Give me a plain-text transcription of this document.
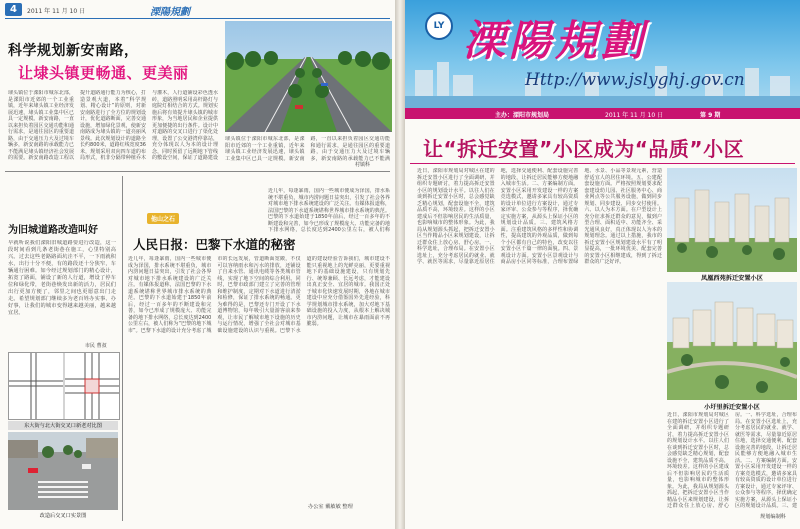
4	2011 年 11 月 10 日	溧陽規劃
科学规划新安南路，
让埭头镇更畅通、更美丽
埭头镇位于溧阳市城东北部，是溧阳市近郊的一个工业重镇，近年来埭头镇工业经济发展迅速，埭头镇工业集中区已具一定规模。新安南路，一直以来担负着园区交通功能和通行需求，是通往园区的重要道路，由于交通压力大及过境车辆多，新安南路的承载能力已不能满足埭头镇经济社会发展的需要。新安南路改造工程以提升道路通行能力为核心，打造景观大道，本着“科学规划、精心设计”的原则，对新安南路进行了全方位的规划设计，优化道路断面，完善交通设施，增加绿化景观，使新安南路成为埭头镇的一道亮丽风景线。此次规划设计的道路全长约800米，道路红线宽度36米，规划采用双向四车道的布局形式，机非分隔带种植乔木与灌木，人行道铺设彩色透水砖，道路照明采用高杆路灯与庭院灯相结合的方式。规划实施后将有效提升埭头镇的城市形象，为当地居民和企业提供更加便捷的出行条件。设计中对道路的交叉口进行了渠化处理，设置了公交港湾停靠站，充分体现以人为本的设计理念，同时预留了远期地下管线的敷设空间，保证了道路建设
埭头镇位于溧阳市城东北部，是溧阳市近郊的一个工业重镇，近年来埭头镇工业经济发展迅速，埭头镇工业集中区已具一定规模。新安南路，一直以来担负着园区交通功能和通行需求，是通往园区的重要道路，由于交通压力大及过境车辆多，新安南路的承载能力已不能满
村镇科
为旧城道路改造叫好
早就听说我们溧阳旧城道路要进行改造，这一段时间看到几条老街巷在施工，心里特别高兴。过去这些老路路面坑洼不平，一下雨就积水，出行十分不便，有的路段还十分狭窄，车辆通行困难。如今经过规划部门的精心设计，拓宽了路面，铺设了新的人行道，增设了停车位和绿化带，老街巷焕发出新的活力，居民们出行更加方便了，邻里之间也更愿意出门走走。希望规划部门继续多为老百姓办实事、办好事，让我们的城市变得越来越美丽，越来越宜居。
市民 曹叔
东大街与北大街交叉口新老对比图
改造后交叉口实景图
他山之石
人民日报：巴黎下水道的秘密
近几年，每逢暴雨，国内一些城市便成为泽国，排水系统不堪重负，城市内涝问题日益突出，引发了社会各界对城市地下排水系统建设的广泛关注。有媒体报道称，法国巴黎的下水道系统堪称世界城市排水系统的典范。巴黎的下水道始建于1850年前后，经过一百多年的不断建设和完善，如今已形成了规模庞大、功能完备的地下排水网络，总长度达到2400公里左右，被人们称
近几年，每逢暴雨，国内一些城市便成为泽国，排水系统不堪重负，城市内涝问题日益突出，引发了社会各界对城市地下排水系统建设的广泛关注。有媒体报道称，法国巴黎的下水道系统堪称世界城市排水系统的典范。巴黎的下水道始建于1850年前后，经过一百多年的不断建设和完善，如今已形成了规模庞大、功能完备的地下排水网络，总长度达到2400公里左右，被人们称为“巴黎的地下城市”。巴黎下水道的设计充分考虑了城市的长远发展，管道断面宽敞，不仅可以容纳雨水和污水的排放，还铺设了自来水管、通讯电缆等各类城市管线，实现了地下空间的综合利用。同时，巴黎市政部门建立了完善的管理和维护制度，定期对下水道进行清淤和检修，保证了排水系统的畅通。更为难得的是，巴黎还专门开设了下水道博物馆，每年吸引大量游客前来参观，让市民了解城市地下设施的历史与运行情况，增强了全社会对城市基础设施建设的认识与重视。巴黎下水道的建设经验告诉我们，城市建设不能只重视地上的光鲜亮丽，更要重视地下的基础设施建设，只有规划先行、统筹兼顾、长远考虑，才能建设出真正安全、宜居的城市。我国正处于城市化快速发展时期，各地在城市建设中应充分借鉴国外先进经验，科学规划城市排水系统，加大对地下基础设施的投入力度，从根本上解决城市内涝问题，让城市在暴雨面前不再脆弱。
办公室 戴敏敏 整理
LY 溧陽規劃
Http://www.jslyghj.gov.cn
主办：溧阳市规划局	2011 年 11 月 10 日	第 9 期
让“拆迁安置”小区成为“品质”小区
近日，溧阳市规划局对城区在建的拆迁安置小区进行了全面调研，并组织专题研讨，着力提高拆迁安置小区的规划设计水平。以往人们在谈到拆迁安置小区时，总会感觉缺乏精心规划，配套设施不全，建筑品质不高，环境较差。这样的小区建成后不但影响居民的生活质量，也影响城市的整体形象。为此，我局从规划源头抓起，把拆迁安置小区当作精品小区来规划建设，让拆迁群众住上放心房、舒心房。一、科学选址，合理布局。在安置小区选址上，充分考虑居民的就业、就学、就医等需求，尽量靠近原居住地，选择交通便利、配套设施完善的地段，让拆迁居民能够方便地融入城市生活。二、方案编制方面。安置小区采用开发建设一样的方案竞选模式，邀请多家具有较高资质的设计单位进行方案设计，通过专家评审、公众参与等程序，择优确定实施方案，从源头上保证小区的规划设计品质。三、建筑风格方面。注重建筑风格的多样性和协调性，提高建筑的外观品质，做到每个小区都有自己的特色，改变以往安置小区千篇一律的面貌。四、景观设计方面。安置小区景观设计与商品房小区同等标准，合理布置绿地、水景、小品等景观元素，营造舒适宜人的居住环境。五、公建配套设施方面。严格按照规划要求配套建设幼儿园、社区服务中心、商业网点等公共服务设施，做到同步规划、同步建设、同步交付使用。六、以人为本方面。在户型设计上充分征求拆迁群众的意见，做到户型合理、面积适中、功能齐全、采光通风良好，真正体现以人为本的规划理念。通过以上措施，我市的拆迁安置小区规划建设水平有了明显提高，一批环境优美、配套完善的安置小区相继建成，得到了拆迁群众的广泛好评。
凤凰西苑拆迁安置小区
小圩里拆迁安置小区
近日，溧阳市规划局对城区在建的拆迁安置小区进行了全面调研，并组织专题研讨，着力提高拆迁安置小区的规划设计水平。以往人们在谈到拆迁安置小区时，总会感觉缺乏精心规划，配套设施不全，建筑品质不高，环境较差。这样的小区建成后不但影响居民的生活质量，也影响城市的整体形象。为此，我局从规划源头抓起，把拆迁安置小区当作精品小区来规划建设，让拆迁群众住上放心房、舒心房。一、科学选址，合理布局。在安置小区选址上，充分考虑居民的就业、就学、就医等需求，尽量靠近原居住地，选择交通便利、配套设施完善的地段，让拆迁居民能够方便地融入城市生活。二、方案编制方面。安置小区采用开发建设一样的方案竞选模式，邀请多家具有较高资质的设计单位进行方案设计，通过专家评审、公众参与等程序，择优确定实施方案，从源头上保证小区的规划设计品质。三、建
规划编制科
